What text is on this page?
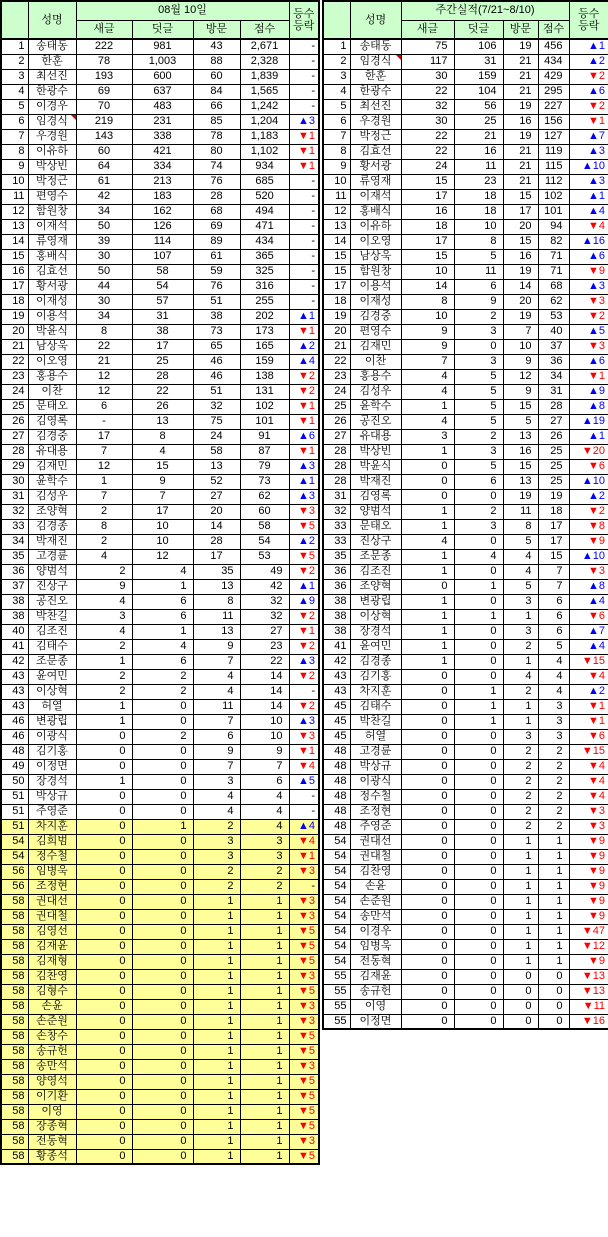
	성명	08월 10일				등수
등락

		새글	덧글	방문	점수	
1	송태동	222	981	43	2,671	-
2	한훈	78	1,003	88	2,328	-
3	최선진	193	600	60	1,839	-
4	한광수	69	637	84	1,565	-
5	이경우	70	483	66	1,242	-
6	임경식	219	231	85	1,204	▲3
7	우경원	143	338	78	1,183	▼1
8	이유하	60	421	80	1,102	▼1
9	박상빈	64	334	74	934	▼1
10	박정근	61	213	76	685	-
11	편영수	42	183	28	520	-
12	함원창	34	162	68	494	-
13	이재석	50	126	69	471	-
14	류영재	39	114	89	434	-
15	홍배식	30	107	61	365	-
16	김효선	50	58	59	325	-
17	황서광	44	54	76	316	-
18	이재성	30	57	51	255	-
19	이용석	34	31	38	202	▲1
20	박윤식	8	38	73	173	▼1
21	남상욱	22	17	65	165	▲2
22	이오영	21	25	46	159	▲4
23	홍용수	12	28	46	138	▼2
24	이찬	12	22	51	131	▼2
25	문태오	6	26	32	102	▼1
26	김영록	-	13	75	101	▼1
27	김경중	17	8	24	91	▲6
28	유대용	7	4	58	87	▼1
29	김재민	12	15	13	79	▲3
30	윤학수	1	9	52	73	▲1
31	김성우	7	7	27	62	▲3
32	조양혁	2	17	20	60	▼3
33	김경종	8	10	14	58	▼5
34	박재진	2	10	28	54	▲2
35	고경륜	4	12	17	53	▼5
36	양범석	2	4	35	49	▼2
37	진상구	9	1	13	42	▲1
38	공진오	4	6	8	32	▲9
38	박찬길	3	6	11	32	▼2
40	김조진	4	1	13	27	▼1
41	김태수	2	4	9	23	▼2
42	조문종	1	6	7	22	▲3
43	윤여민	2	2	4	14	▼2
43	이상혁	2	2	4	14	-
43	허열	1	0	11	14	▼2
46	변광립	1	0	7	10	▲3
46	이광식	0	2	6	10	▼3
48	김기홍	0	0	9	9	▼1
49	이정면	0	0	7	7	▼4
50	장경석	1	0	3	6	▲5
51	박상규	0	0	4	4	-
51	주영준	0	0	4	4	-
51	차지훈	0	1	2	4	▲4
54	김희범	0	0	3	3	▼4
54	정수철	0	0	3	3	▼1
56	임병욱	0	0	2	2	▼3
56	조정현	0	0	2	2	-
58	권대선	0	0	1	1	▼3
58	권대철	0	0	1	1	▼3
58	김영선	0	0	1	1	▼5
58	김재윤	0	0	1	1	▼5
58	김재형	0	0	1	1	▼5
58	김찬영	0	0	1	1	▼3
58	김형수	0	0	1	1	▼5
58	손윤	0	0	1	1	▼3
58	손준원	0	0	1	1	▼3
58	손창수	0	0	1	1	▼5
58	송규헌	0	0	1	1	▼5
58	송만석	0	0	1	1	▼3
58	양영석	0	0	1	1	▼5
58	이기환	0	0	1	1	▼5
58	이영	0	0	1	1	▼5
58	장종혁	0	0	1	1	▼5
58	전동혁	0	0	1	1	▼3
58	황종석	0	0	1	1	▼5
	성명	주간실적(7/21~8/10)				등수
등락

		새글	덧글	방문	점수	
1	송태동	75	106	19	456	▲1
2	임경식	117	31	21	434	▲2
3	한훈	30	159	21	429	▼2
4	한광수	22	104	21	295	▲6
5	최선진	32	56	19	227	▼2
6	우경원	30	25	16	156	▼1
7	박정근	22	21	19	127	▲7
8	김효선	22	16	21	119	▲3
9	황서광	24	11	21	115	▲10
10	류영재	15	23	21	112	▲3
11	이재석	17	18	15	102	▲1
12	홍배식	16	18	17	101	▲4
13	이유하	18	10	20	94	▼4
14	이오영	17	8	15	82	▲16
15	남상욱	15	5	16	71	▲6
15	함원창	10	11	19	71	▼9
17	이용석	14	6	14	68	▲3
18	이재성	8	9	20	62	▼3
19	김경중	10	2	19	53	▼2
20	편영수	9	3	7	40	▲5
21	김재민	9	0	10	37	▼3
22	이찬	7	3	9	36	▲6
23	홍용수	4	5	12	34	▼1
24	김성우	4	5	9	31	▲9
25	윤학수	1	5	15	28	▲8
26	공진오	4	5	5	27	▲19
27	유대용	3	2	13	26	▲1
28	박상빈	1	3	16	25	▼20
28	박윤식	0	5	15	25	▼6
28	박재진	0	6	13	25	▲10
31	김영록	0	0	19	19	▲2
32	양범석	1	2	11	18	▼2
33	문태오	1	3	8	17	▼8
33	진상구	4	0	5	17	▼9
35	조문종	1	4	4	15	▲10
36	김조진	1	0	4	7	▼3
36	조양혁	0	1	5	7	▲8
38	변광립	1	0	3	6	▲4
38	이상혁	1	1	1	6	▼6
38	장경석	1	0	3	6	▲7
41	윤여민	1	0	2	5	▲4
42	김경종	1	0	1	4	▼15
43	김기홍	0	0	4	4	▼4
43	차지훈	0	1	2	4	▲2
45	김태수	0	1	1	3	▼1
45	박찬길	0	1	1	3	▼1
45	허열	0	0	3	3	▼6
48	고경륜	0	0	2	2	▼15
48	박상규	0	0	2	2	▼4
48	이광식	0	0	2	2	▼4
48	정수철	0	0	2	2	▼4
48	조정현	0	0	2	2	▼3
48	주영준	0	0	2	2	▼3
54	권대선	0	0	1	1	▼9
54	권대철	0	0	1	1	▼9
54	김찬영	0	0	1	1	▼9
54	손윤	0	0	1	1	▼9
54	손준원	0	0	1	1	▼9
54	송만석	0	0	1	1	▼9
54	이경우	0	0	1	1	▼47
54	임병욱	0	0	1	1	▼12
54	전동혁	0	0	1	1	▼9
55	김재윤	0	0	0	0	▼13
55	송규헌	0	0	0	0	▼13
55	이영	0	0	0	0	▼11
55	이정면	0	0	0	0	▼16
